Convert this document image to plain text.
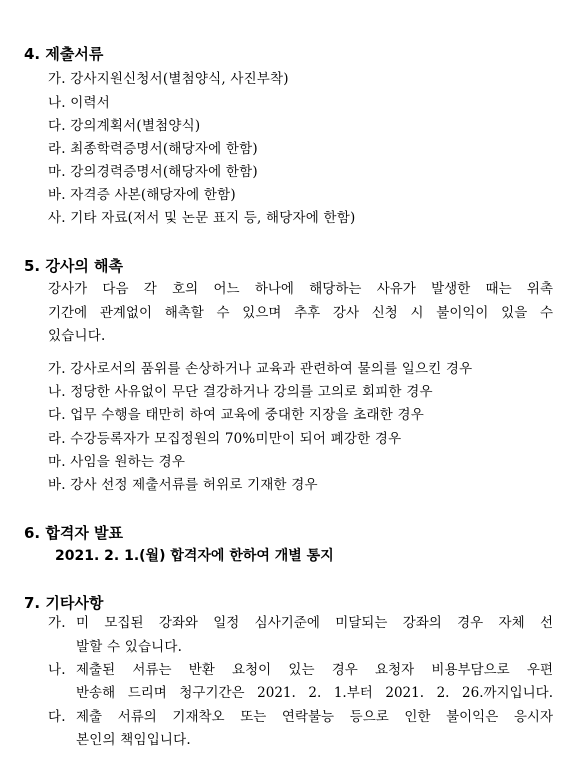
4. 제출서류
가. 강사지원신청서(별첨양식, 사진부착)
나. 이력서
다. 강의계획서(별첨양식)
라. 최종학력증명서(해당자에 한함)
마. 강의경력증명서(해당자에 한함)
바. 자격증 사본(해당자에 한함)
사. 기타 자료(저서 및 논문 표지 등, 해당자에 한함)
5. 강사의 해촉
강사가 다음 각 호의 어느 하나에 해당하는 사유가 발생한 때는 위촉
기간에 관계없이 해촉할 수 있으며 추후 강사 신청 시 불이익이 있을 수
있습니다.
가. 강사로서의 품위를 손상하거나 교육과 관련하여 물의를 일으킨 경우
나. 정당한 사유없이 무단 결강하거나 강의를 고의로 회피한 경우
다. 업무 수행을 태만히 하여 교육에 중대한 지장을 초래한 경우
라. 수강등록자가 모집정원의 70%미만이 되어 폐강한 경우
마. 사임을 원하는 경우
바. 강사 선정 제출서류를 허위로 기재한 경우
6. 합격자 발표
2021. 2. 1.(월) 합격자에 한하여 개별 통지
7. 기타사항
가. 미 모집된 강좌와 일정 심사기준에 미달되는 강좌의 경우 자체 선
발할 수 있습니다.
나. 제출된 서류는 반환 요청이 있는 경우 요청자 비용부담으로 우편
반송해 드리며 청구기간은 2021. 2. 1.부터 2021. 2. 26.까지입니다.
다. 제출 서류의 기재착오 또는 연락불능 등으로 인한 불이익은 응시자
본인의 책임입니다.
